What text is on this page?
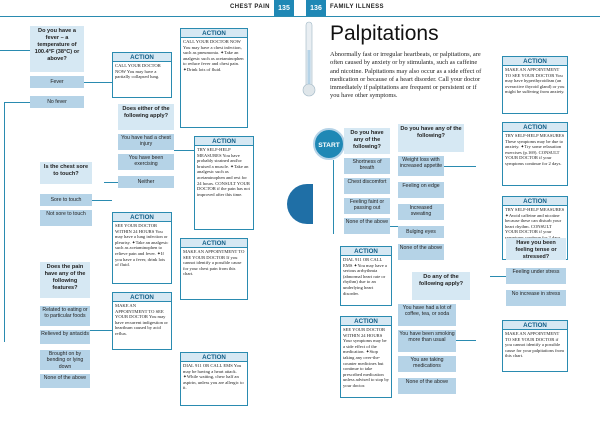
CHEST PAIN	135	136	FAMILY ILLNESS
Do you have a fever – a temperature of 100.4°F (38°C) or above?
Fever
No fever
ACTION
CALL YOUR DOCTOR NOW You may have a partially collapsed lung.
ACTION
CALL YOUR DOCTOR NOW You may have a chest infection, such as pneumonia. ✦Take an analgesic such as acetaminophen to reduce fever and chest pain. ✦Drink lots of fluid.
Does either of the following apply?
You have had a chest injury
You have been exercising
Neither
ACTION
TRY SELF-HELP MEASURES You have probably strained and/or bruised a muscle. ✦Take an analgesic such as acetaminophen and rest for 24 hours. CONSULT YOUR DOCTOR if the pain has not improved after this time.
Is the chest sore to touch?
Sore to touch
Not sore to touch	ACTION
SEE YOUR DOCTOR WITHIN 24 HOURS You may have a lung infection or pleurisy. ✦Take an analgesic such as acetaminophen to relieve pain and fever. ✦If you have a fever, drink lots of fluid.
Does the pain have any of the following features?
Related to eating or to particular foods
Relieved by antacids
Brought on by bending or lying down
None of the above
ACTION
MAKE AN APPOINTMENT TO SEE YOUR DOCTOR If you cannot identify a possible cause for your chest pain from this chart.
ACTION
MAKE AN APPOINTMENT TO SEE YOUR DOCTOR You may have recurrent indigestion or heartburn caused by acid reflux.
ACTION
DIAL 911 OR CALL EMS You may be having a heart attack. ✦While waiting, chew half an aspirin, unless you are allergic to it.
Palpitations
Abnormally fast or irregular heartbeats, or palpitations, are often caused by anxiety or by stimulants, such as caffeine and nicotine. Palpitations may also occur as a side effect of medication or because of a heart disorder. Call your doctor immediately if palpitations are frequent or persistent or if you have other symptoms.
START
Do you have any of the following?
Shortness of breath
Chest discomfort
Feeling faint or passing out
None of the above
ACTION
DIAL 911 OR CALL EMS ✦You may have a serious arrhythmia (abnormal heart rate or rhythm) due to an underlying heart disorder.
Do you have any of the following?
Weight loss with increased appetite
Feeling on edge
Increased sweating
Bulging eyes
None of the above
Do any of the following apply?
You have had a lot of coffee, tea, or soda
You have been smoking more than usual
You are taking medications
None of the above
ACTION
SEE YOUR DOCTOR WITHIN 24 HOURS Your symptoms may be a side effect of the medication. ✦Stop taking any over-the-counter medicines but continue to take prescribed medication unless advised to stop by your doctor.
ACTION
MAKE AN APPOINTMENT TO SEE YOUR DOCTOR You may have hyperthyroidism (an overactive thyroid gland) or you might be suffering from anxiety.
ACTION
TRY SELF-HELP MEASURES These symptoms may be due to anxiety. ✦Try some relaxation exercises (p.169). CONSULT YOUR DOCTOR if your symptoms continue for 2 days.
ACTION
TRY SELF-HELP MEASURES ✦Avoid caffeine and nicotine because these can disturb your heart rhythm. CONSULT YOUR DOCTOR if your
Have you been feeling tense or stressed?
Feeling under stress
No increase in stress
ACTION
MAKE AN APPOINTMENT TO SEE YOUR DOCTOR if you cannot identify a possible cause for your palpitations from this chart.
